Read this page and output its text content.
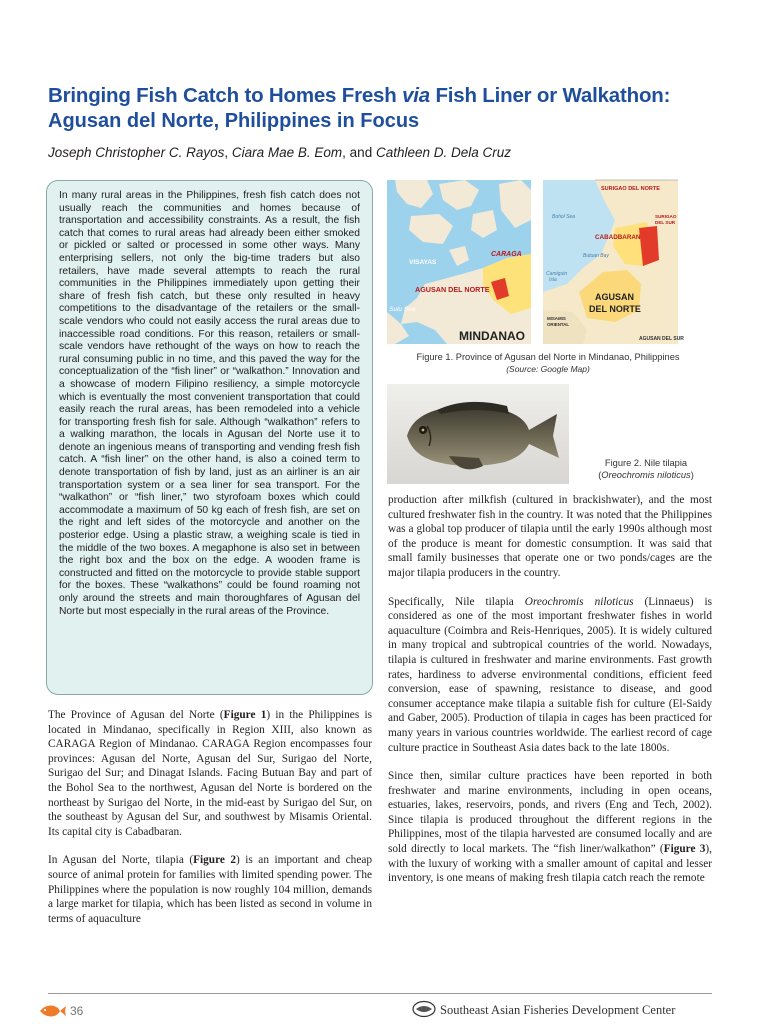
Bringing Fish Catch to Homes Fresh via Fish Liner or Walkathon:
Agusan del Norte, Philippines in Focus
Joseph Christopher C. Rayos, Ciara Mae B. Eom, and Cathleen D. Dela Cruz

In many rural areas in the Philippines, fresh fish catch does not usually reach the communities and homes because of transportation and accessibility constraints. As a result, the fish catch that comes to rural areas had already been either smoked or pickled or salted or processed in some other ways. Many enterprising sellers, not only the big-time traders but also retailers, have made several attempts to reach the rural communities in the Philippines immediately upon getting their share of fresh fish catch, but these only resulted in heavy competitions to the disadvantage of the retailers or the small-scale vendors who could not easily access the rural areas due to inaccessible road conditions. For this reason, retailers or small-scale vendors have rethought of the ways on how to reach the rural consuming public in no time, and this paved the way for the conceptualization of the “fish liner” or “walkathon.” Innovation and a showcase of modern Filipino resiliency, a simple motorcycle which is eventually the most convenient transportation that could easily reach the rural areas, has been remodeled into a vehicle for transporting fresh fish for sale. Although “walkathon” refers to a walking marathon, the locals in Agusan del Norte use it to denote an ingenious means of transporting and vending fresh fish catch. A “fish liner” on the other hand, is also a coined term to denote transportation of fish by land, just as an airliner is an air transportation system or a sea liner for sea transport. For the “walkathon” or “fish liner,” two styrofoam boxes which could accommodate a maximum of 50 kg each of fresh fish, are set on the right and left sides of the motorcycle and another on the posterior edge. Using a plastic straw, a weighing scale is tied in the middle of the two boxes. A megaphone is also set in between the right box and the box on the edge. A wooden frame is constructed and fitted on the motorcycle to provide stable support for the boxes. These “walkathons” could be found roaming not only around the streets and main thoroughfares of Agusan del Norte but most especially in the rural areas of the Province.

The Province of Agusan del Norte (Figure 1) in the Philippines is located in Mindanao, specifically in Region XIII, also known as CARAGA Region of Mindanao. CARAGA Region encompasses four provinces: Agusan del Norte, Agusan del Sur, Surigao del Norte, Surigao del Sur; and Dinagat Islands. Facing Butuan Bay and part of the Bohol Sea to the northwest, Agusan del Norte is bordered on the northeast by Surigao del Norte, in the mid-east by Surigao del Sur, on the southeast by Agusan del Sur, and southwest by Misamis Oriental. Its capital city is Cabadbaran.

In Agusan del Norte, tilapia (Figure 2) is an important and cheap source of animal protein for families with limited spending power. The Philippines where the population is now roughly 104 million, demands a large market for tilapia, which has been listed as second in volume in terms of aquaculture

VISAYAS
CARAGA
AGUSAN DEL NORTE
Sulu Sea
MINDANAO
SURIGAO DEL NORTE
Bohol Sea
CABADBARAN
SURIGAO
DEL SUR
Butuan Bay
Camiguin
Isla
AGUSAN
DEL NORTE
MISAMIS
ORIENTAL
AGUSAN DEL SUR
Figure 1. Province of Agusan del Norte in Mindanao, Philippines
(Source: Google Map)
Figure 2. Nile tilapia
(Oreochromis niloticus)

production after milkfish (cultured in brackishwater), and the most cultured freshwater fish in the country. It was noted that the Philippines was a global top producer of tilapia until the early 1990s although most of the produce is meant for domestic consumption. It was said that small family businesses that operate one or two ponds/cages are the major tilapia producers in the country.

Specifically, Nile tilapia Oreochromis niloticus (Linnaeus) is considered as one of the most important freshwater fishes in world aquaculture (Coimbra and Reis-Henriques, 2005). It is widely cultured in many tropical and subtropical countries of the world. Nowadays, tilapia is cultured in freshwater and marine environments. Fast growth rates, hardiness to adverse environmental conditions, efficient feed conversion, ease of spawning, resistance to disease, and good consumer acceptance make tilapia a suitable fish for culture (El-Saidy and Gaber, 2005). Production of tilapia in cages has been practiced for many years in various countries worldwide. The earliest record of cage culture practice in Southeast Asia dates back to the late 1800s.

Since then, similar culture practices have been reported in both freshwater and marine environments, including in open oceans, estuaries, lakes, reservoirs, ponds, and rivers (Eng and Tech, 2002). Since tilapia is produced throughout the different regions in the Philippines, most of the tilapia harvested are consumed locally and are sold directly to local markets. The “fish liner/walkathon” (Figure 3), with the luxury of working with a smaller amount of capital and lesser inventory, is one means of making fresh tilapia catch reach the remote

36	Southeast Asian Fisheries Development Center
